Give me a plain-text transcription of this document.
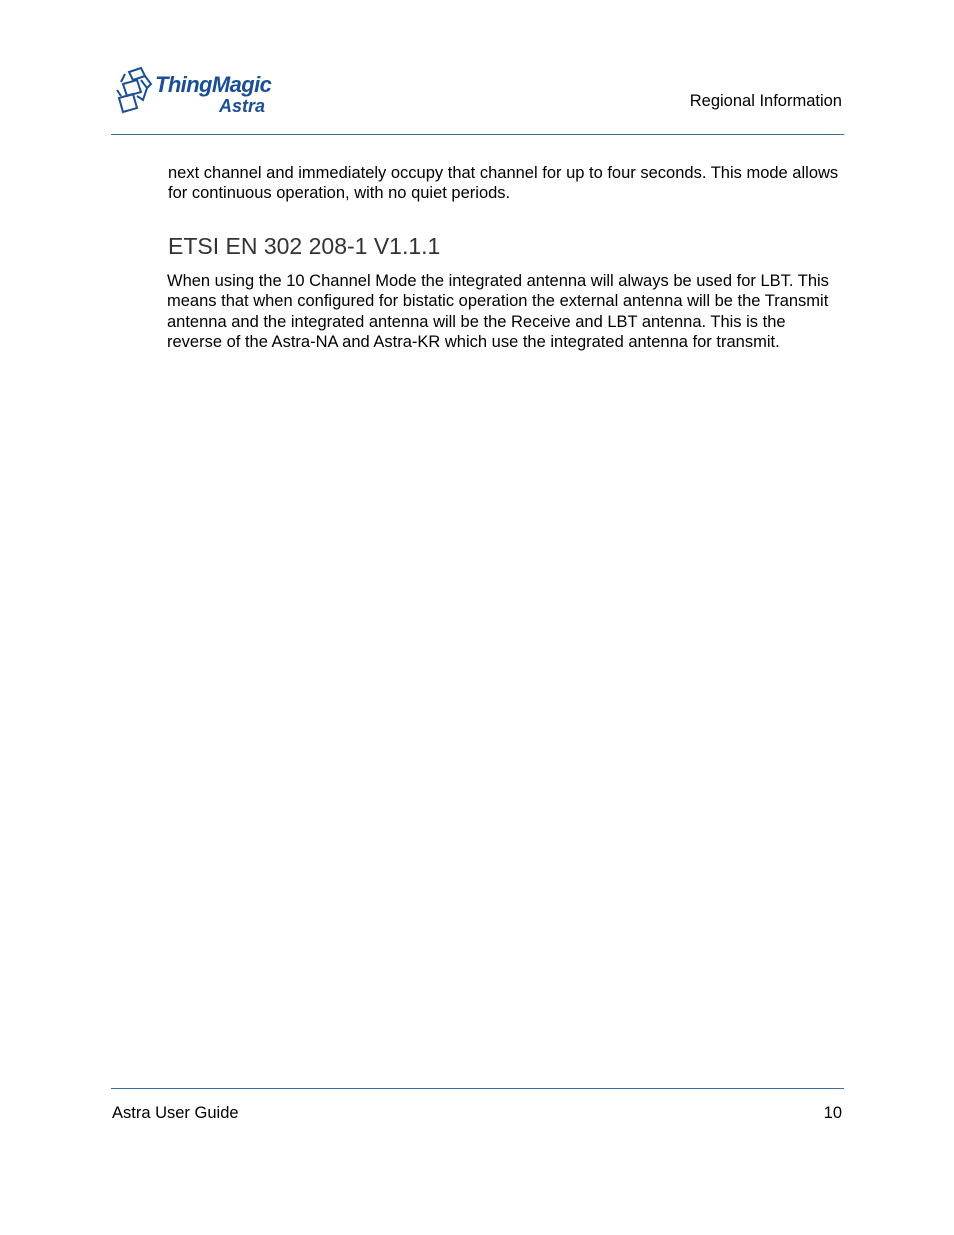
ThingMagic
Astra	Regional Information

next channel and immediately occupy that channel for up to four seconds. This mode allows for continuous operation, with no quiet periods.

ETSI EN 302 208-1 V1.1.1

When using the 10 Channel Mode the integrated antenna will always be used for LBT. This means that when configured for bistatic operation the external antenna will be the Transmit antenna and the integrated antenna will be the Receive and LBT antenna. This is the reverse of the Astra-NA and Astra-KR which use the integrated antenna for transmit.

Astra User Guide	10
